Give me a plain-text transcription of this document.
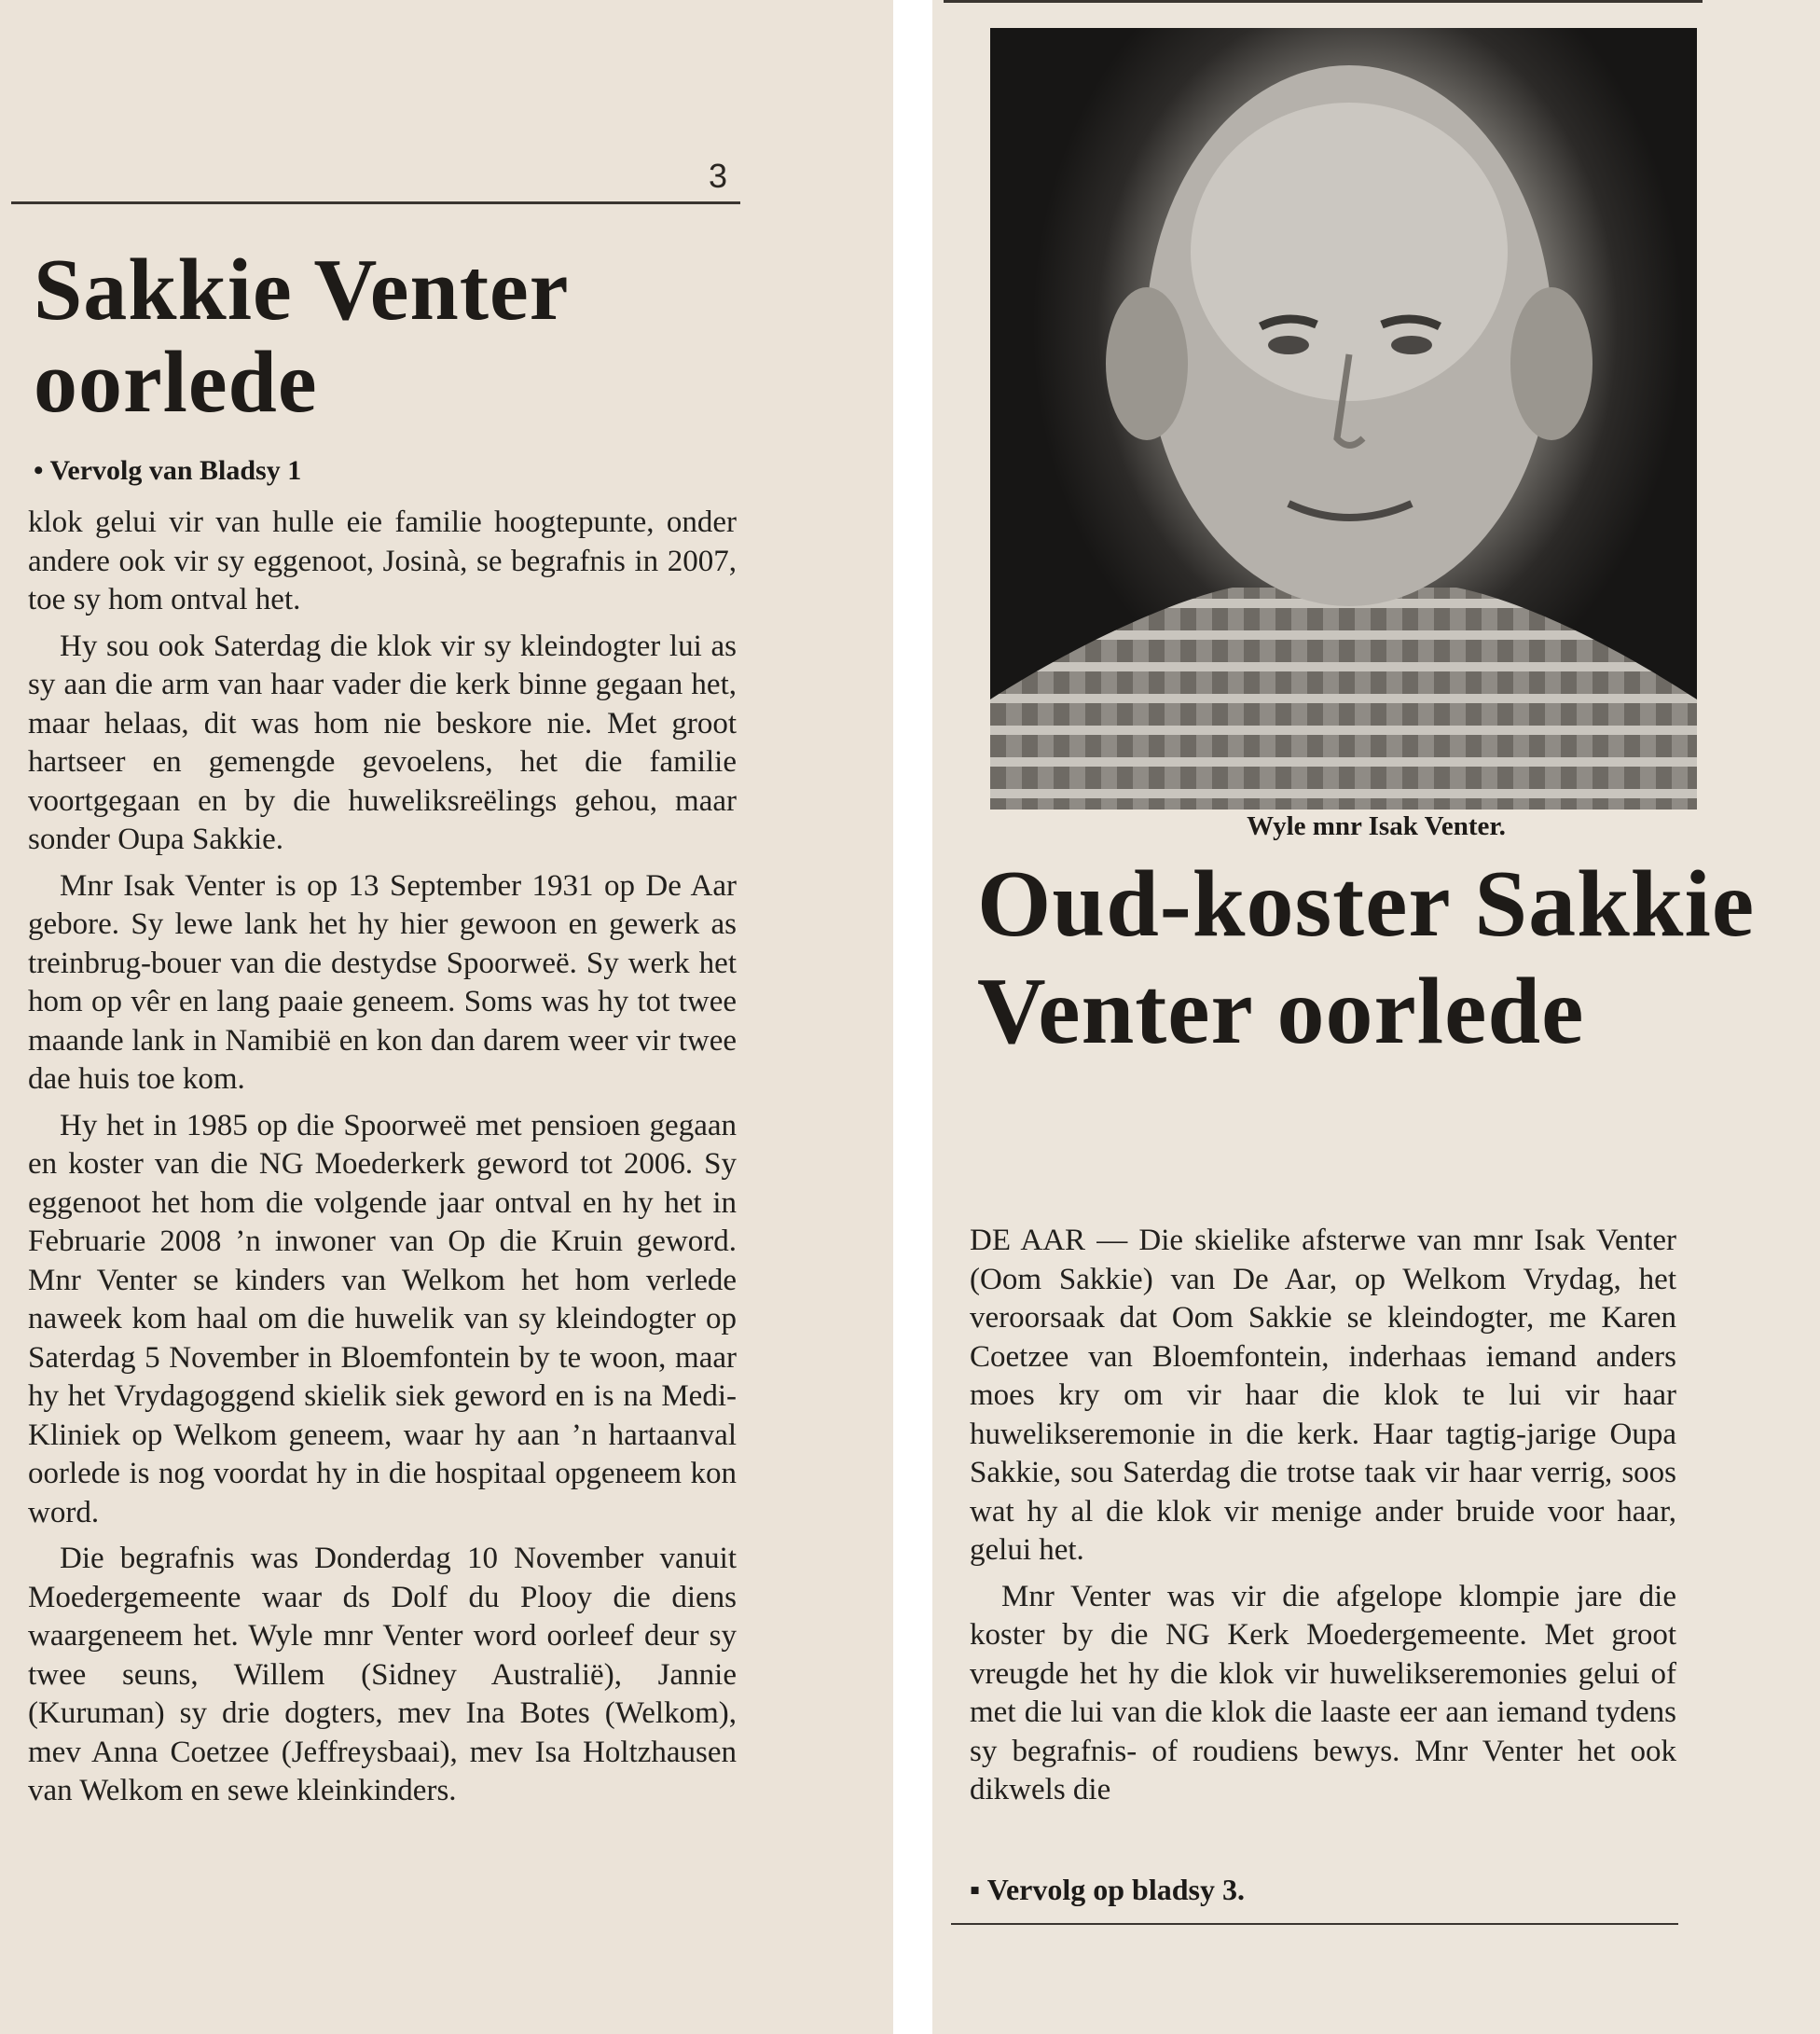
3
Sakkie Venter oorlede
• Vervolg van Bladsy 1

klok gelui vir van hulle eie familie hoogtepunte, onder andere ook vir sy eggenoot, Josinà, se begrafnis in 2007, toe sy hom ontval het.

Hy sou ook Saterdag die klok vir sy kleindogter lui as sy aan die arm van haar vader die kerk binne gegaan het, maar helaas, dit was hom nie beskore nie. Met groot hartseer en gemengde gevoelens, het die familie voortgegaan en by die huweliksreëlings gehou, maar sonder Oupa Sakkie.

Mnr Isak Venter is op 13 September 1931 op De Aar gebore. Sy lewe lank het hy hier gewoon en gewerk as treinbrug-bouer van die destydse Spoorweë. Sy werk het hom op vêr en lang paaie geneem. Soms was hy tot twee maande lank in Namibië en kon dan darem weer vir twee dae huis toe kom.

Hy het in 1985 op die Spoorweë met pensioen gegaan en koster van die NG Moederkerk geword tot 2006. Sy eggenoot het hom die volgende jaar ontval en hy het in Februarie 2008 ’n inwoner van Op die Kruin geword. Mnr Venter se kinders van Welkom het hom verlede naweek kom haal om die huwelik van sy kleindogter op Saterdag 5 November in Bloemfontein by te woon, maar hy het Vrydagoggend skielik siek geword en is na Medi-Kliniek op Welkom geneem, waar hy aan ’n hartaanval oorlede is nog voordat hy in die hospitaal opgeneem kon word.

Die begrafnis was Donderdag 10 November vanuit Moedergemeente waar ds Dolf du Plooy die diens waargeneem het. Wyle mnr Venter word oorleef deur sy twee seuns, Willem (Sidney Australië), Jannie (Kuruman) sy drie dogters, mev Ina Botes (Welkom), mev Anna Coetzee (Jeffreysbaai), mev Isa Holtzhausen van Welkom en sewe kleinkinders.

Wyle mnr Isak Venter.
Oud-koster Sakkie Venter oorlede

DE AAR — Die skielike afsterwe van mnr Isak Venter (Oom Sakkie) van De Aar, op Welkom Vrydag, het veroorsaak dat Oom Sakkie se kleindogter, me Karen Coetzee van Bloemfontein, inderhaas iemand anders moes kry om vir haar die klok te lui vir haar huwelikseremonie in die kerk. Haar tagtig-jarige Oupa Sakkie, sou Saterdag die trotse taak vir haar verrig, soos wat hy al die klok vir menige ander bruide voor haar, gelui het.

Mnr Venter was vir die afgelope klompie jare die koster by die NG Kerk Moedergemeente. Met groot vreugde het hy die klok vir huwelikseremonies gelui of met die lui van die klok die laaste eer aan iemand tydens sy begrafnis- of roudiens bewys. Mnr Venter het ook dikwels die

▪ Vervolg op bladsy 3.
